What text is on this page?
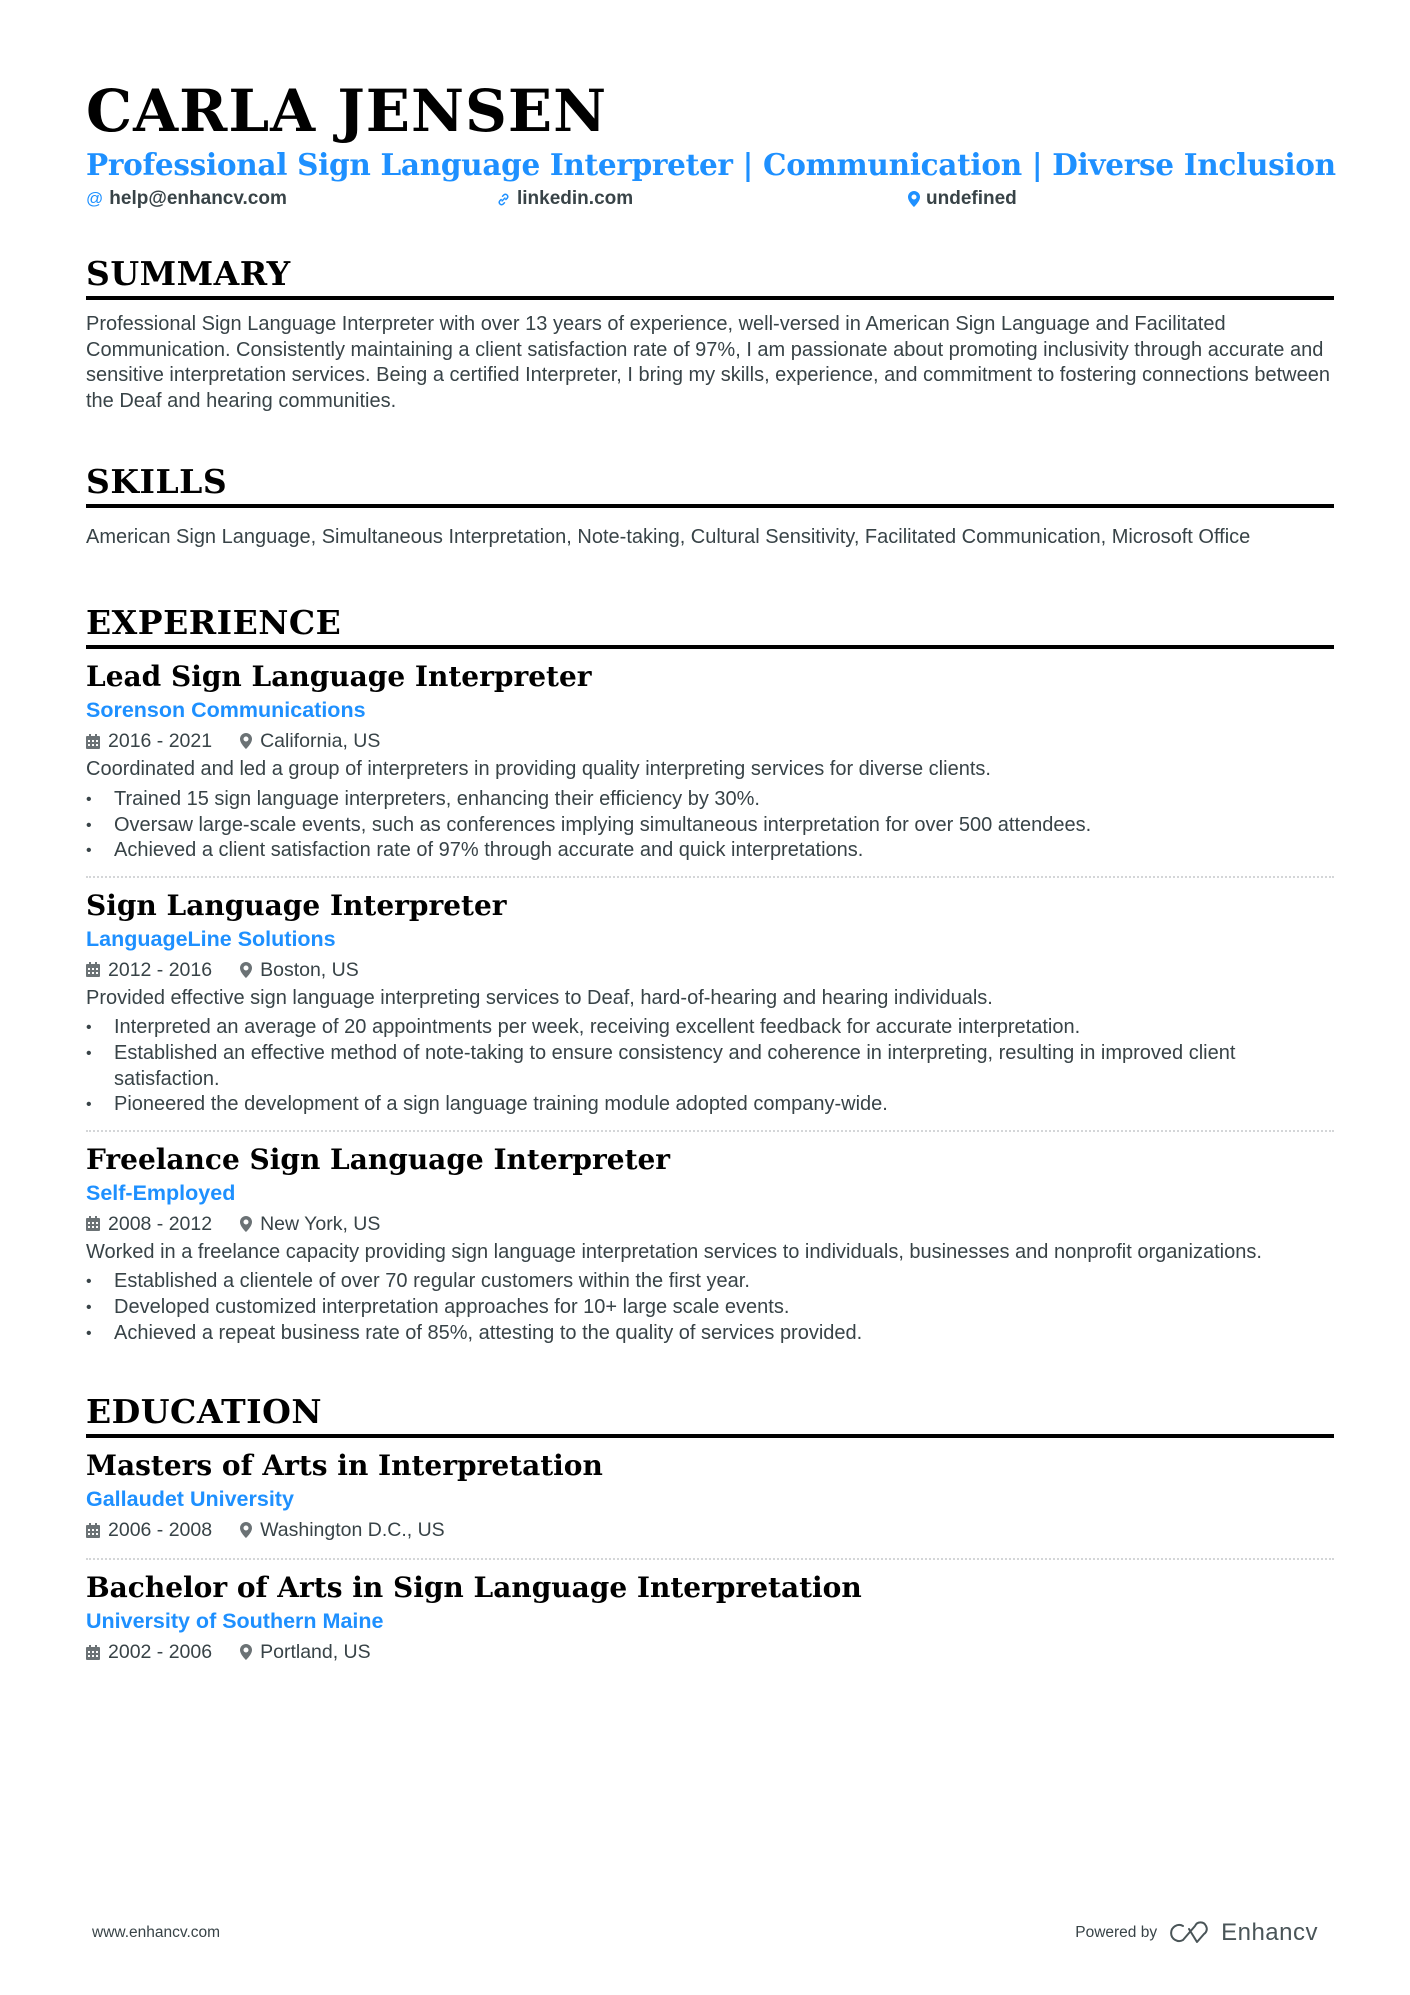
CARLA JENSEN
Professional Sign Language Interpreter | Communication | Diverse Inclusion
@ help@enhancv.com	linkedin.com	undefined
SUMMARY
Professional Sign Language Interpreter with over 13 years of experience, well-versed in American Sign Language and Facilitated Communication. Consistently maintaining a client satisfaction rate of 97%, I am passionate about promoting inclusivity through accurate and sensitive interpretation services. Being a certified Interpreter, I bring my skills, experience, and commitment to fostering connections between the Deaf and hearing communities.
SKILLS
American Sign Language, Simultaneous Interpretation, Note-taking, Cultural Sensitivity, Facilitated Communication, Microsoft Office
EXPERIENCE
Lead Sign Language Interpreter
Sorenson Communications
2016 - 2021 California, US
Coordinated and led a group of interpreters in providing quality interpreting services for diverse clients.
• Trained 15 sign language interpreters, enhancing their efficiency by 30%.
• Oversaw large-scale events, such as conferences implying simultaneous interpretation for over 500 attendees.
• Achieved a client satisfaction rate of 97% through accurate and quick interpretations.
Sign Language Interpreter
LanguageLine Solutions
2012 - 2016 Boston, US
Provided effective sign language interpreting services to Deaf, hard-of-hearing and hearing individuals.
• Interpreted an average of 20 appointments per week, receiving excellent feedback for accurate interpretation.
• Established an effective method of note-taking to ensure consistency and coherence in interpreting, resulting in improved client satisfaction.
• Pioneered the development of a sign language training module adopted company-wide.
Freelance Sign Language Interpreter
Self-Employed
2008 - 2012 New York, US
Worked in a freelance capacity providing sign language interpretation services to individuals, businesses and nonprofit organizations.
• Established a clientele of over 70 regular customers within the first year.
• Developed customized interpretation approaches for 10+ large scale events.
• Achieved a repeat business rate of 85%, attesting to the quality of services provided.
EDUCATION
Masters of Arts in Interpretation
Gallaudet University
2006 - 2008 Washington D.C., US
Bachelor of Arts in Sign Language Interpretation
University of Southern Maine
2002 - 2006 Portland, US
www.enhancv.com	Powered by	Enhancv
